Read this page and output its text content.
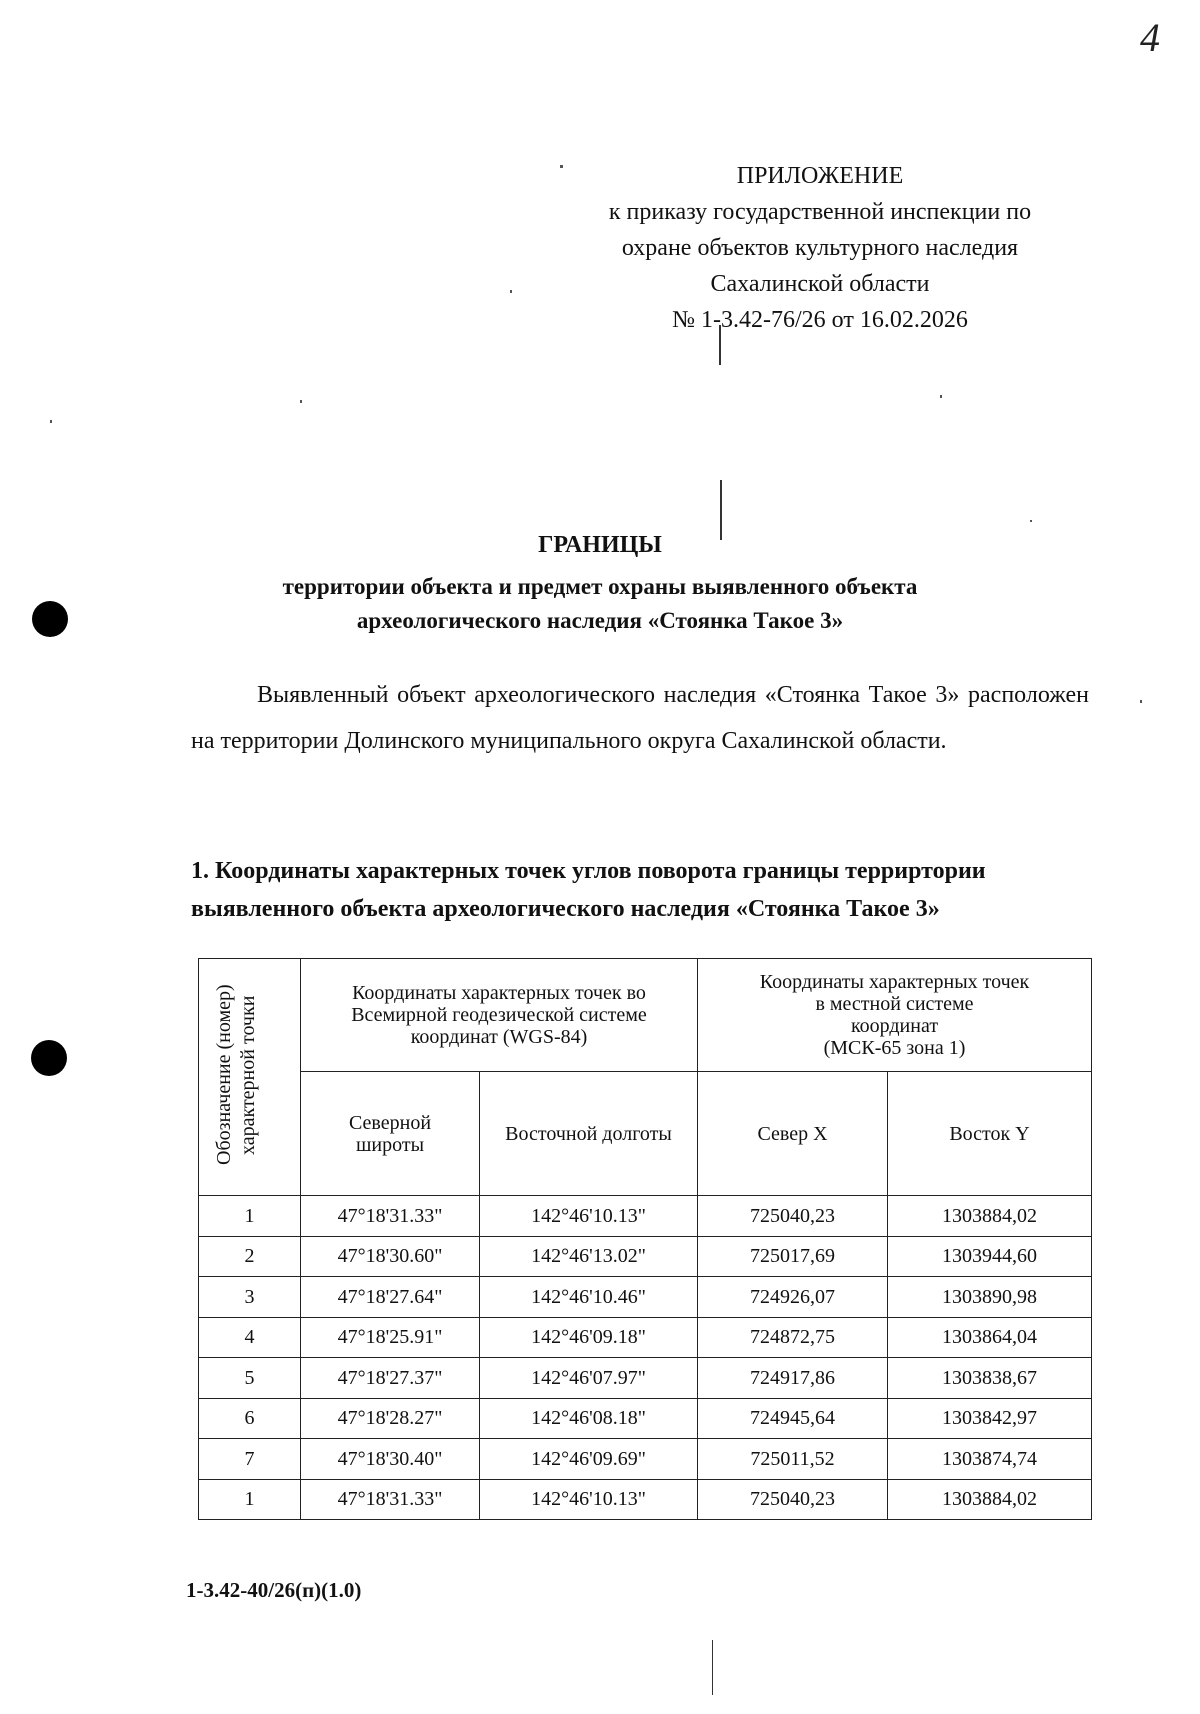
4
ПРИЛОЖЕНИЕ
к приказу государственной инспекции по
охране объектов культурного наследия
Сахалинской области
№ 1-3.42-76/26 от 16.02.2026
ГРАНИЦЫ
территории объекта и предмет охраны выявленного объекта
археологического наследия «Стоянка Такое 3»
Выявленный объект археологического наследия «Стоянка Такое 3» расположен на территории Долинского муниципального округа Сахалинской области.
1. Координаты характерных точек углов поворота границы терриртории выявленного объекта археологического наследия «Стоянка Такое 3»
Обозначение (номер) характерной точки	Координаты характерных точек во Всемирной геодезической системе координат (WGS-84)		Координаты характерных точек
в местной системе
координат
(МСК-65 зона 1)	

	Северной широты	Восточной долготы	Север X	Восток Y
1	47°18'31.33"	142°46'10.13"	725040,23	1303884,02
2	47°18'30.60"	142°46'13.02"	725017,69	1303944,60
3	47°18'27.64"	142°46'10.46"	724926,07	1303890,98
4	47°18'25.91"	142°46'09.18"	724872,75	1303864,04
5	47°18'27.37"	142°46'07.97"	724917,86	1303838,67
6	47°18'28.27"	142°46'08.18"	724945,64	1303842,97
7	47°18'30.40"	142°46'09.69"	725011,52	1303874,74
1	47°18'31.33"	142°46'10.13"	725040,23	1303884,02
1-3.42-40/26(п)(1.0)
